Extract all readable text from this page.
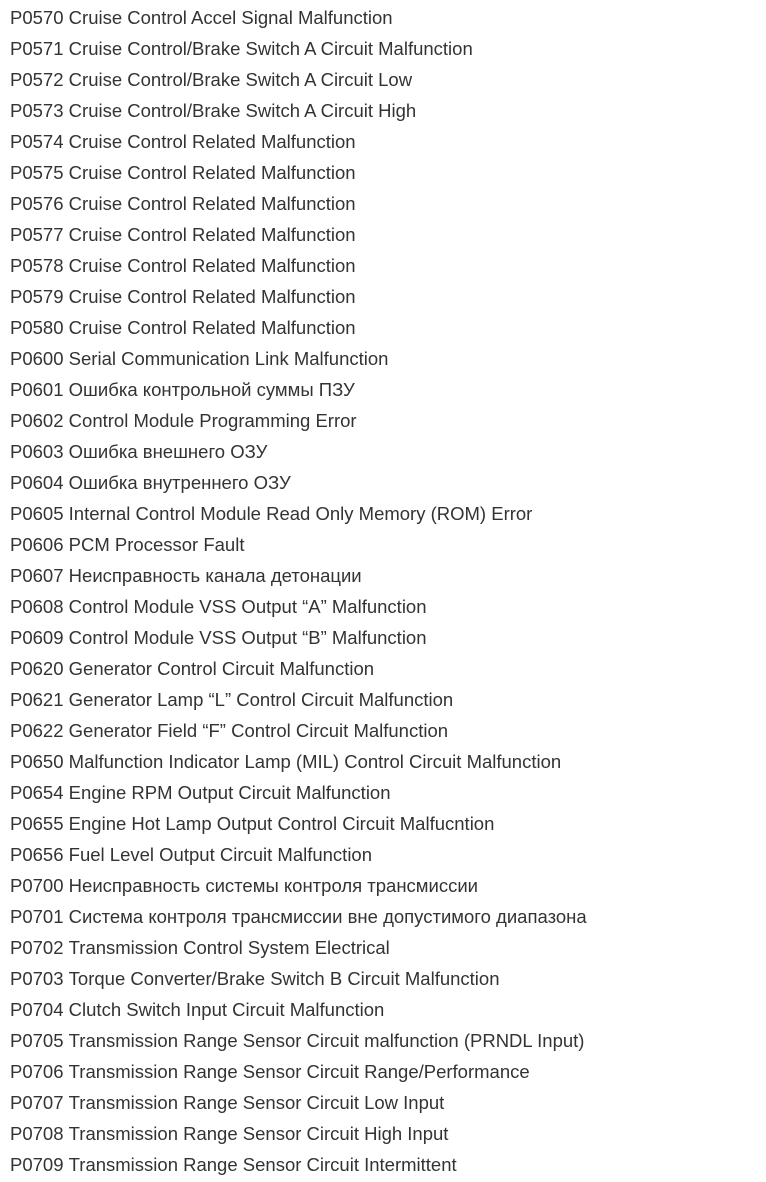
P0570 Cruise Control Accel Signal Malfunction
P0571 Cruise Control/Brake Switch A Circuit Malfunction
P0572 Cruise Control/Brake Switch A Circuit Low
P0573 Cruise Control/Brake Switch A Circuit High
P0574 Cruise Control Related Malfunction
P0575 Cruise Control Related Malfunction
P0576 Cruise Control Related Malfunction
P0577 Cruise Control Related Malfunction
P0578 Cruise Control Related Malfunction
P0579 Cruise Control Related Malfunction
P0580 Cruise Control Related Malfunction
P0600 Serial Communication Link Malfunction
P0601 Ошибка контрольной суммы ПЗУ
P0602 Control Module Programming Error
P0603 Ошибка внешнего ОЗУ
P0604 Ошибка внутреннего ОЗУ
P0605 Internal Control Module Read Only Memory (ROM) Error
P0606 PCM Processor Fault
P0607 Неисправность канала детонации
P0608 Control Module VSS Output “A” Malfunction
P0609 Control Module VSS Output “B” Malfunction
P0620 Generator Control Circuit Malfunction
P0621 Generator Lamp “L” Control Circuit Malfunction
P0622 Generator Field “F” Control Circuit Malfunction
P0650 Malfunction Indicator Lamp (MIL) Control Circuit Malfunction
P0654 Engine RPM Output Circuit Malfunction
P0655 Engine Hot Lamp Output Control Circuit Malfucntion
P0656 Fuel Level Output Circuit Malfunction
P0700 Неисправность системы контроля трансмиссии
P0701 Система контроля трансмиссии вне допустимого диапазона
P0702 Transmission Control System Electrical
P0703 Torque Converter/Brake Switch B Circuit Malfunction
P0704 Clutch Switch Input Circuit Malfunction
P0705 Transmission Range Sensor Circuit malfunction (PRNDL Input)
P0706 Transmission Range Sensor Circuit Range/Performance
P0707 Transmission Range Sensor Circuit Low Input
P0708 Transmission Range Sensor Circuit High Input
P0709 Transmission Range Sensor Circuit Intermittent
